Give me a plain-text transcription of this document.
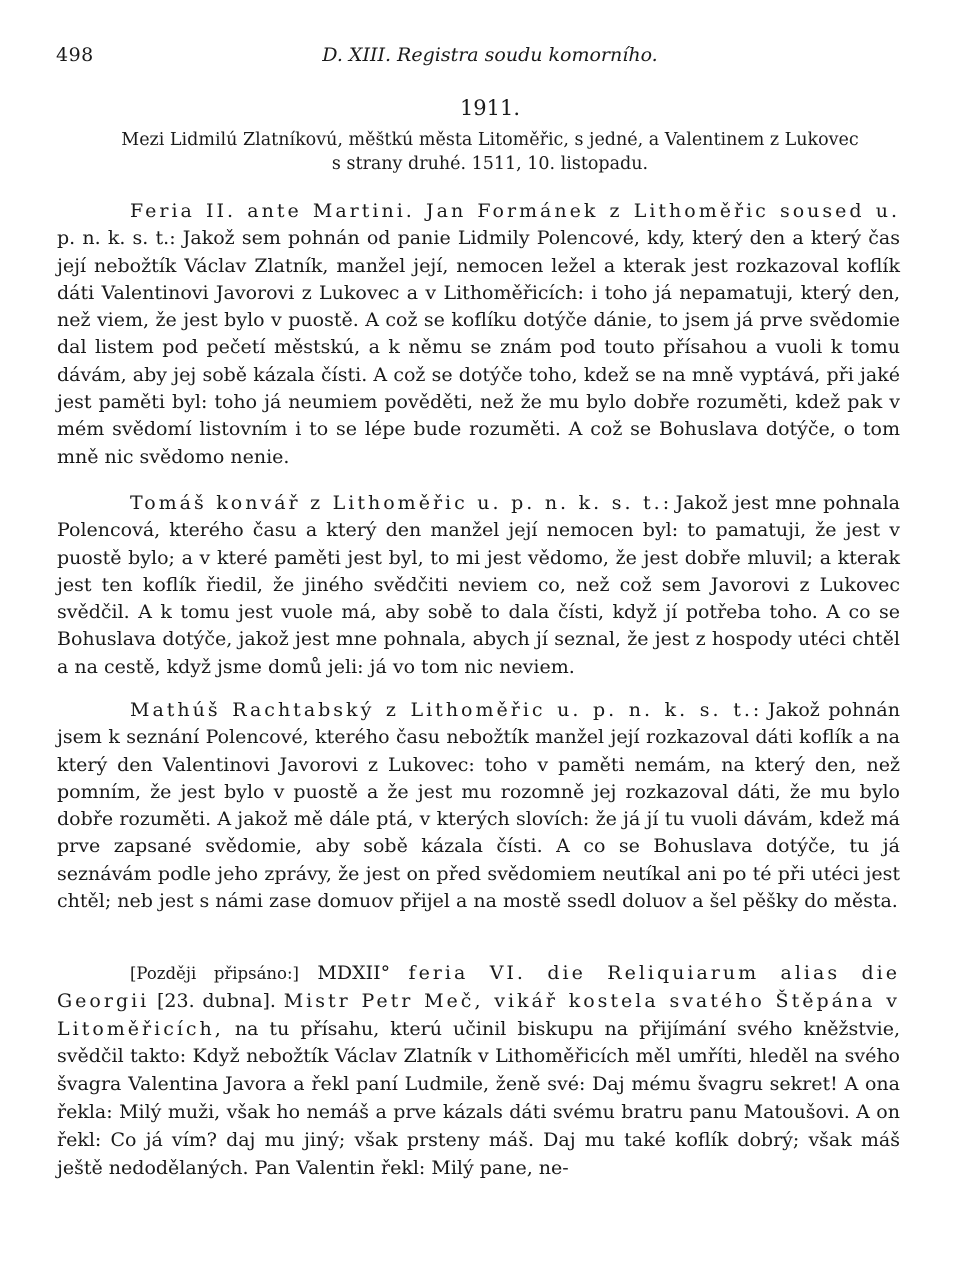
498	D. XIII. Registra soudu komorního.
1911.
Mezi Lidmilú Zlatníkovú, měštkú města Litoměřic, s jedné, a Valentinem z Lukovec
s strany druhé. 1511, 10. listopadu.

Feria II. ante Martini. Jan Formánek z Lithoměřic soused u. p. n. k. s. t.: Jakož sem pohnán od panie Lidmily Polencové, kdy, který den a který čas její nebožtík Václav Zlatník, manžel její, nemocen ležel a kterak jest rozkazoval koflík dáti Valentinovi Javorovi z Lukovec a v Lithoměřicích: i toho já nepamatuji, který den, než viem, že jest bylo v puostě. A což se koflíku dotýče dánie, to jsem já prve svědomie dal listem pod pečetí městskú, a k němu se znám pod touto přísahou a vuoli k tomu dávám, aby jej sobě kázala čísti. A což se dotýče toho, kdež se na mně vyptává, při jaké jest paměti byl: toho já neumiem pověděti, než že mu bylo dobře rozuměti, kdež pak v mém svědomí listovním i to se lépe bude rozuměti. A což se Bohuslava dotýče, o tom mně nic svědomo nenie.

Tomáš konvář z Lithoměřic u. p. n. k. s. t.: Jakož jest mne pohnala Polencová, kterého času a který den manžel její nemocen byl: to pamatuji, že jest v puostě bylo; a v které paměti jest byl, to mi jest vědomo, že jest dobře mluvil; a kterak jest ten koflík řiedil, že jiného svědčiti neviem co, než což sem Javorovi z Lukovec svědčil. A k tomu jest vuole má, aby sobě to dala čísti, když jí potřeba toho. A co se Bohuslava dotýče, jakož jest mne pohnala, abych jí seznal, že jest z hospody utéci chtěl a na cestě, když jsme domů jeli: já vo tom nic neviem.

Mathúš Rachtabský z Lithoměřic u. p. n. k. s. t.: Jakož pohnán jsem k seznání Polencové, kterého času nebožtík manžel její rozkazoval dáti koflík a na který den Valentinovi Javorovi z Lukovec: toho v paměti nemám, na který den, než pomním, že jest bylo v puostě a že jest mu rozomně jej rozkazoval dáti, že mu bylo dobře rozuměti. A jakož mě dále ptá, v kterých slovích: že já jí tu vuoli dávám, kdež má prve zapsané svědomie, aby sobě kázala čísti. A co se Bohuslava dotýče, tu já seznávám podle jeho zprávy, že jest on před svědomiem neutíkal ani po té při utéci jest chtěl; neb jest s námi zase domuov přijel a na mostě ssedl doluov a šel pěšky do města.

[Později připsáno:] MDXII° feria VI. die Reliquiarum alias die Georgii [23. dubna]. Mistr Petr Meč, vikář kostela svatého Štěpána v Litoměřicích, na tu přísahu, kterú učinil biskupu na přijímání svého kněžstvie, svědčil takto: Když nebožtík Václav Zlatník v Lithoměřicích měl umříti, hleděl na svého švagra Valentina Javora a řekl paní Ludmile, ženě své: Daj mému švagru sekret! A ona řekla: Milý muži, však ho nemáš a prve kázals dáti svému bratru panu Matoušovi. A on řekl: Co já vím? daj mu jiný; však prsteny máš. Daj mu také koflík dobrý; však máš ještě nedodělaných. Pan Valentin řekl: Milý pane, ne-
